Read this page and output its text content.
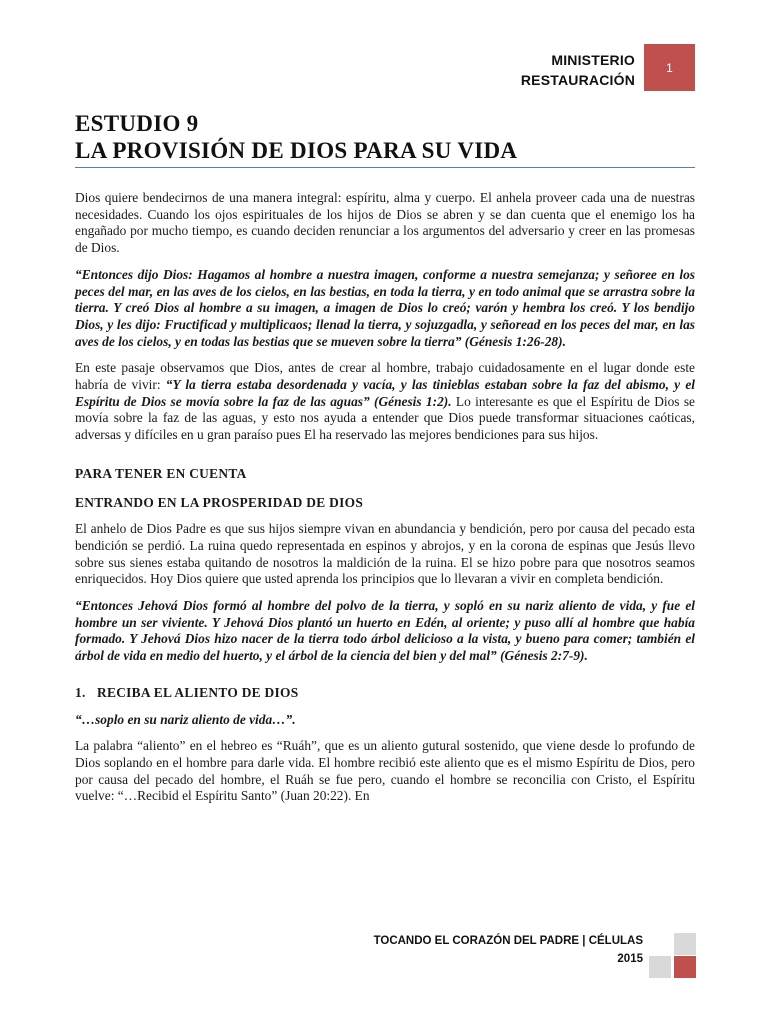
MINISTERIO
RESTAURACIÓN
1
ESTUDIO 9
LA PROVISIÓN DE DIOS PARA SU VIDA

Dios quiere bendecirnos de una manera integral: espíritu, alma y cuerpo. El anhela proveer cada una de nuestras necesidades. Cuando los ojos espirituales de los hijos de Dios se abren y se dan cuenta que el enemigo los ha engañado por mucho tiempo, es cuando deciden renunciar a los argumentos del adversario y creer en las promesas de Dios.

“Entonces dijo Dios: Hagamos al hombre a nuestra imagen, conforme a nuestra semejanza; y señoree en los peces del mar, en las aves de los cielos, en las bestias, en toda la tierra, y en todo animal que se arrastra sobre la tierra. Y creó Dios al hombre a su imagen, a imagen de Dios lo creó; varón y hembra los creó. Y los bendijo Dios, y les dijo: Fructificad y multiplicaos; llenad la tierra, y sojuzgadla, y señoread en los peces del mar, en las aves de los cielos, y en todas las bestias que se mueven sobre la tierra” (Génesis 1:26-28).

En este pasaje observamos que Dios, antes de crear al hombre, trabajo cuidadosamente en el lugar donde este habría de vivir: “Y la tierra estaba desordenada y vacía, y las tinieblas estaban sobre la faz del abismo, y el Espíritu de Dios se movía sobre la faz de las aguas” (Génesis 1:2). Lo interesante es que el Espíritu de Dios se movía sobre la faz de las aguas, y esto nos ayuda a entender que Dios puede transformar situaciones caóticas, adversas y difíciles en u gran paraíso pues El ha reservado las mejores bendiciones para sus hijos.

PARA TENER EN CUENTA
ENTRANDO EN LA PROSPERIDAD DE DIOS

El anhelo de Dios Padre es que sus hijos siempre vivan en abundancia y bendición, pero por causa del pecado esta bendición se perdió. La ruina quedo representada en espinos y abrojos, y en la corona de espinas que Jesús llevo sobre sus sienes estaba quitando de nosotros la maldición de la ruina. El se hizo pobre para que nosotros seamos enriquecidos. Hoy Dios quiere que usted aprenda los principios que lo llevaran a vivir en completa bendición.

“Entonces Jehová Dios formó al hombre del polvo de la tierra, y sopló en su nariz aliento de vida, y fue el hombre un ser viviente. Y Jehová Dios plantó un huerto en Edén, al oriente; y puso allí al hombre que había formado. Y Jehová Dios hizo nacer de la tierra todo árbol delicioso a la vista, y bueno para comer; también el árbol de vida en medio del huerto, y el árbol de la ciencia del bien y del mal” (Génesis 2:7-9).

1. RECIBA EL ALIENTO DE DIOS

“…soplo en su nariz aliento de vida…”.

La palabra “aliento” en el hebreo es “Ruáh”, que es un aliento gutural sostenido, que viene desde lo profundo de Dios soplando en el hombre para darle vida. El hombre recibió este aliento que es el mismo Espíritu de Dios, pero por causa del pecado del hombre, el Ruáh se fue pero, cuando el hombre se reconcilia con Cristo, el Espíritu vuelve: “…Recibid el Espíritu Santo” (Juan 20:22). En

TOCANDO EL CORAZÓN DEL PADRE | CÉLULAS
2015
